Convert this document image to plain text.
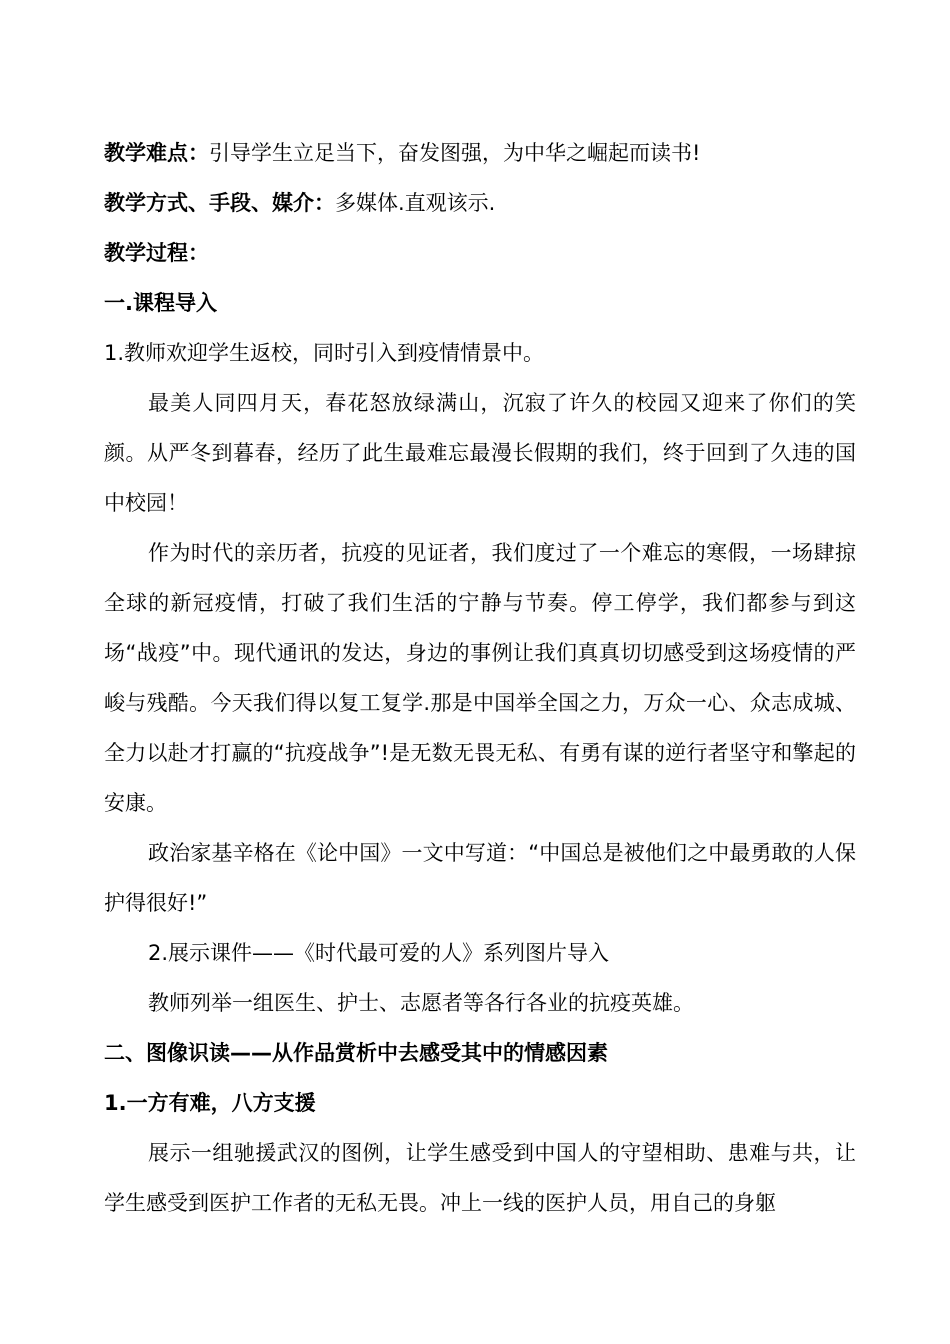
教学难点：引导学生立足当下，奋发图强，为中华之崛起而读书!

教学方式、手段、媒介：多媒体.直观该示.

教学过程：

一.课程导入

1.教师欢迎学生返校，同时引入到疫情情景中。

最美人同四月天，春花怒放绿满山，沉寂了许久的校园又迎来了你们的笑颜。从严冬到暮春，经历了此生最难忘最漫长假期的我们，终于回到了久违的国中校园！

作为时代的亲历者，抗疫的见证者，我们度过了一个难忘的寒假，一场肆掠全球的新冠疫情，打破了我们生活的宁静与节奏。停工停学，我们都参与到这场“战疫”中。现代通讯的发达，身边的事例让我们真真切切感受到这场疫情的严峻与残酷。今天我们得以复工复学.那是中国举全国之力，万众一心、众志成城、全力以赴才打赢的“抗疫战争”!是无数无畏无私、有勇有谋的逆行者坚守和擎起的安康。

政治家基辛格在《论中国》一文中写道：“中国总是被他们之中最勇敢的人保护得很好!”

2.展示课件——《时代最可爱的人》系列图片导入

教师列举一组医生、护士、志愿者等各行各业的抗疫英雄。

二、图像识读——从作品赏析中去感受其中的情感因素

1.一方有难，八方支援

展示一组驰援武汉的图例，让学生感受到中国人的守望相助、患难与共，让学生感受到医护工作者的无私无畏。冲上一线的医护人员，用自己的身躯
